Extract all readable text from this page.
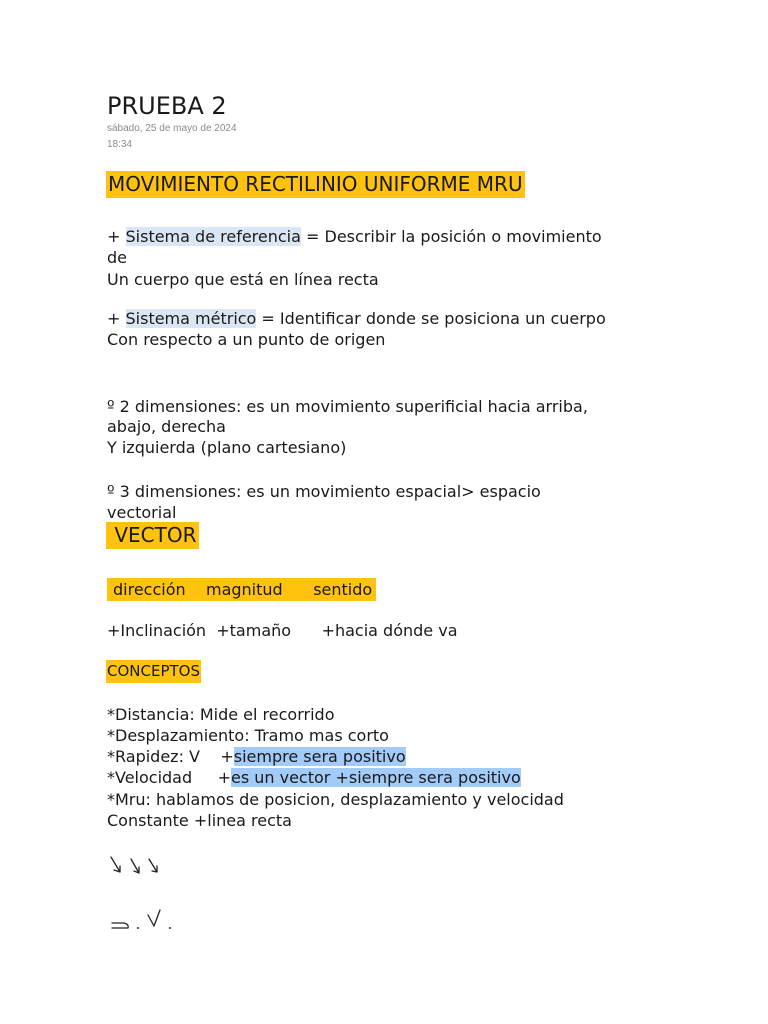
PRUEBA 2
sábado, 25 de mayo de 2024
18:34
MOVIMIENTO RECTILINIO UNIFORME MRU
+ Sistema de referencia = Describir la posición o movimiento
de
Un cuerpo que está en línea recta
+ Sistema métrico = Identificar donde se posiciona un cuerpo
Con respecto a un punto de origen
º 2 dimensiones: es un movimiento superificial hacia arriba,
abajo, derecha
Y izquierda (plano cartesiano)
º 3 dimensiones: es un movimiento espacial> espacio
vectorial
VECTOR
dirección    magnitud      sentido
+Inclinación  +tamaño      +hacia dónde va
CONCEPTOS
*Distancia: Mide el recorrido
*Desplazamiento: Tramo mas corto
*Rapidez: V    +siempre sera positivo
*Velocidad     +es un vector +siempre sera positivo
*Mru: hablamos de posicion, desplazamiento y velocidad
Constante +linea recta
